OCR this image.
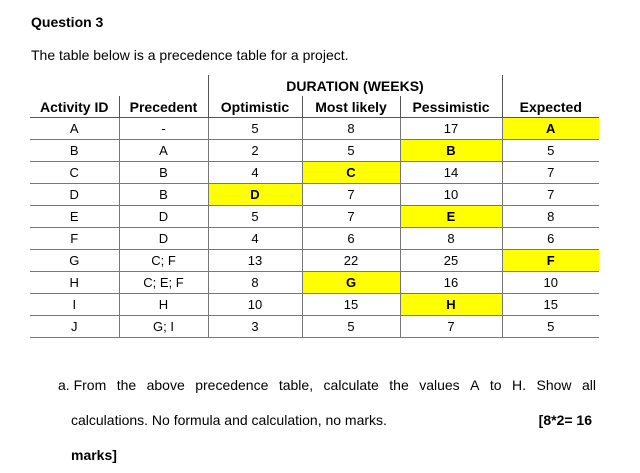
Question 3
The table below is a precedence table for a project.
		DURATION (WEEKS)			
Activity ID	Precedent	Optimistic	Most likely	Pessimistic	Expected
A	-	5	8	17	A
B	A	2	5	B	5
C	B	4	C	14	7
D	B	D	7	10	7
E	D	5	7	E	8
F	D	4	6	8	6
G	C; F	13	22	25	F
H	C; E; F	8	G	16	10
I	H	10	15	H	15
J	G; I	3	5	7	5
a. From the above precedence table, calculate the values A to H. Show all
calculations. No formula and calculation, no marks.	[8*2= 16
marks]
